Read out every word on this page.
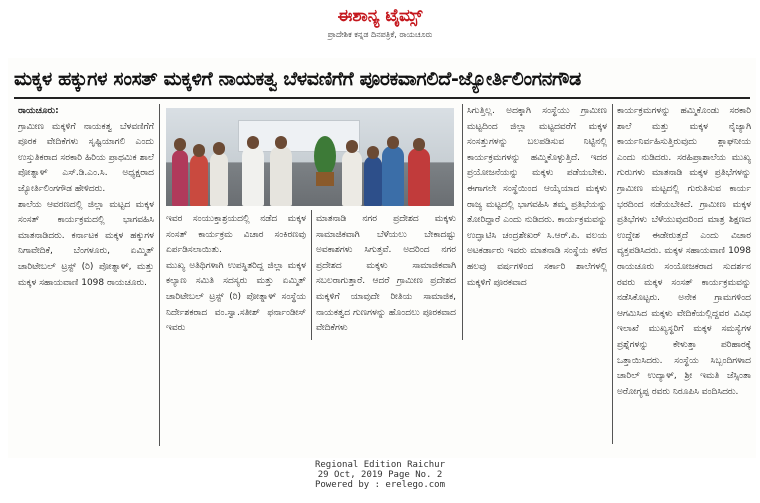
ಈಶಾನ್ಯ ಟೈಮ್ಸ್
ಪ್ರಾದೇಶಿಕ ಕನ್ನಡ ದಿನಪತ್ರಿಕೆ, ರಾಯಚೂರು
ಮಕ್ಕಳ ಹಕ್ಕುಗಳ ಸಂಸತ್ ಮಕ್ಕಳಿಗೆ ನಾಯಕತ್ವ ಬೆಳವಣಿಗೆಗೆ ಪೂರಕವಾಗಲಿದೆ-ಜ್ಯೋರ್ತಿಲಿಂಗನಗೌಡ

ರಾಯಚೂರು:

ಗ್ರಾಮೀಣ ಮಕ್ಕಳಿಗೆ ನಾಯಕತ್ವ ಬೆಳವಣಿಗೆಗೆ ಪೂರಕ ವೇದಿಕೆಗಳು ಸೃಷ್ಟಿಯಾಗಲಿ ಎಂದು ಉಸ್ತುತಿಕರಾದ ಸರಕಾರಿ ಹಿರಿಯ ಪ್ರಾಥಮಿಕ ಶಾಲೆ ಪೋತ್ನಾಳ್ ಎಸ್.ಡಿ.ಎಂ.ಸಿ. ಅಧ್ಯಕ್ಷರಾದ ಜ್ಯೋರ್ತಿಲಿಂಗಗೌಡ ಹೇಳಿದರು.

ಶಾಲೆಯ ಆವರಣದಲ್ಲಿ ಜಿಲ್ಲಾ ಮಟ್ಟದ ಮಕ್ಕಳ ಸಂಸತ್ ಕಾರ್ಯಕ್ರಮದಲ್ಲಿ ಭಾಗವಹಿಸಿ ಮಾತನಾಡಿದರು. ಕರ್ನಾಟಕ ಮಕ್ಕಳ ಹಕ್ಕುಗಳ ನಿಗಾವೇದಿಕೆ, ಬೆಂಗಳೂರು, ಏಮ್ಮಿತ್ ಚಾರಿಟೇಬಲ್ ಟ್ರಸ್ಟ್ (ರಿ) ಪೋತ್ನಾಳ್, ಮತ್ತು ಮಕ್ಕಳ ಸಹಾಯವಾಣಿ 1098 ರಾಯಚೂರು.

ಇವರ ಸಂಯುಕ್ತಾಶ್ರಯದಲ್ಲಿ ನಡೆದ ಮಕ್ಕಳ ಸಂಸತ್ ಕಾರ್ಯಕ್ರಮ ವಿಚಾರ ಸಂಕಿರಣವು ಏರ್ಪಡಿಸಲಾಯಿತು.

ಮುಖ್ಯ ಅತಿಥಿಗಳಾಗಿ ಉಪಸ್ಥಿತರಿದ್ದ ಜಿಲ್ಲಾ ಮಕ್ಕಳ ಕಲ್ಯಾಣ ಸಮಿತಿ ಸದಸ್ಯರು ಮತ್ತು ಏಮ್ಮಿತ್ ಚಾರಿಟೇಬಲ್ ಟ್ರಸ್ಟ್ (ರಿ) ಪೋತ್ನಾಳ್ ಸಂಸ್ಥೆಯ ನಿರ್ದೇಶಕರಾದ ವಂ.ಸ್ವಾ.ಸತೀಶ್ ಫರ್ನಾಂಡೀಸ್ ಇವರು

ಮಾತನಾಡಿ ನಗರ ಪ್ರದೇಶದ ಮಕ್ಕಳು ಸಾಮಾಜಿಕವಾಗಿ ಬೆಳೆಯಲು ಬೇಕಾದಷ್ಟು ಅವಕಾಶಗಳು ಸಿಗುತ್ತವೆ. ಅದರಿಂದ ನಗರ ಪ್ರದೇಶದ ಮಕ್ಕಳು ಸಾಮಾಜಿಕವಾಗಿ ಸಬಲರಾಗುತ್ತಾರೆ. ಆದರೆ ಗ್ರಾಮೀಣ ಪ್ರದೇಶದ ಮಕ್ಕಳಿಗೆ ಯಾವುದೇ ರೀತಿಯ ಸಾಮಾಜಿಕ, ನಾಯಕತ್ವದ ಗುಣಗಳನ್ನು ಹೊಂದಲು ಪೂರಕವಾದ ವೇದಿಕೆಗಳು

ಸಿಗುತ್ತಿಲ್ಲ. ಅದಕ್ಕಾಗಿ ಸಂಸ್ಥೆಯು ಗ್ರಾಮೀಣ ಮಟ್ಟದಿಂದ ಜಿಲ್ಲಾ ಮಟ್ಟದವರೆಗೆ ಮಕ್ಕಳ ಸಂಸತ್ತುಗಳನ್ನು ಬಲಪಡಿಸುವ ನಿಟ್ಟಿನಲ್ಲಿ ಕಾರ್ಯಕ್ರಮಗಳನ್ನು ಹಮ್ಮಿಕೊಳ್ಳುತ್ತಿದೆ. ಇದರ ಪ್ರಯೋಜನೆಯನ್ನು ಮಕ್ಕಳು ಪಡೆಯಬೇಕು. ಈಗಾಗಲೇ ಸಂಸ್ಥೆಯಿಂದ ಆಯ್ಕೆಯಾದ ಮಕ್ಕಳು ರಾಜ್ಯ ಮಟ್ಟದಲ್ಲಿ ಭಾಗವಹಿಸಿ ತಮ್ಮ ಪ್ರತಿಭೆಯನ್ನು ತೋರಿದ್ದಾರೆ ಎಂದು ನುಡಿದರು. ಕಾರ್ಯಕ್ರಮವನ್ನು ಉದ್ಘಾಟಿಸಿ ಚಂದ್ರಶೇಖರ್ ಸಿ.ಆರ್.ಪಿ. ವಲಯ ಅಟಕರ್ಡಾರು ಇವರು ಮಾತನಾಡಿ ಸಂಸ್ಥೆಯ ಕಳೆದ ಹಲವು ವರ್ಷಗಳಿಂದ ಸರ್ಕಾರಿ ಶಾಲೆಗಳಲ್ಲಿ ಮಕ್ಕಳಿಗೆ ಪೂರಕವಾದ

ಕಾರ್ಯಕ್ರಮಗಳನ್ನು ಹಮ್ಮಿಕೊಂಡು ಸರಕಾರಿ ಶಾಲೆ ಮತ್ತು ಮಕ್ಕಳ ನೈಜ್ಯಾಗಿ ಕಾರ್ಯನಿರ್ವಹಿಸುತ್ತಿರುವುದು ಶ್ಲಾಘನೀಯ ಎಂದು ನುಡಿದರು. ಸರಹಿಪ್ರಾಶಾಲೆಯ ಮುಖ್ಯ ಗುರುಗಳು ಮಾತನಾಡಿ ಮಕ್ಕಳ ಪ್ರತಿಭೆಗಳನ್ನು ಗ್ರಾಮೀಣ ಮಟ್ಟದಲ್ಲಿ ಗುರುತಿಸುವ ಕಾರ್ಯ ಭರದಿಂದ ನಡೆಯಬೇಕಿದೆ. ಗ್ರಾಮೀಣ ಮಕ್ಕಳ ಪ್ರತಿಭೆಗಳು ಬೆಳೆಯುವುದರಿಂದ ಮಾತ್ರ ಶಿಕ್ಷಣದ ಉದ್ದೇಶ ಈಡೇರುತ್ತದೆ ಎಂದು ವಿಚಾರ ವ್ಯಕ್ತಪಡಿಸಿದರು. ಮಕ್ಕಳ ಸಹಾಯವಾಣಿ 1098 ರಾಯಚೂರು ಸಂಯೋಜಕರಾದ ಸುದರ್ಶನ ರವರು ಮಕ್ಕಳ ಸಂಸತ್ ಕಾರ್ಯಕ್ರಮವನ್ನು ನಡೆಸಿಕೊಟ್ಟರು. ಅನೇಕ ಗ್ರಾಮಗಳಿಂದ ಆಗಮಿಸಿದ ಮಕ್ಕಳು ವೇದಿಕೆಯಲ್ಲಿದ್ದವರ ವಿವಿಧ ಇಲಾಖೆ ಮುಖ್ಯಸ್ಥರಿಗೆ ಮಕ್ಕಳ ಸಮಸ್ಯೆಗಳ ಪ್ರಶ್ನೆಗಳನ್ನು ಕೇಳುತ್ತಾ ಪರಿಹಾರಕ್ಕೆ ಒತ್ತಾಯಿಸಿದರು. ಸಂಸ್ಥೆಯ ಸಿಬ್ಬಂದಿಗಳಾದ ಚಾರಿಲ್ ಉದ್ಯಾಳ್, ಶ್ರೀ ಇಮತಿ ಜೆಸ್ಸಿಂತಾ ಅರೋಗ್ಯಪ್ಪ ರವರು ನಿರೂಪಿಸಿ ವಂದಿಸಿದರು.

Regional Edition Raichur
29 Oct, 2019 Page No. 2
Powered by : erelego.com
